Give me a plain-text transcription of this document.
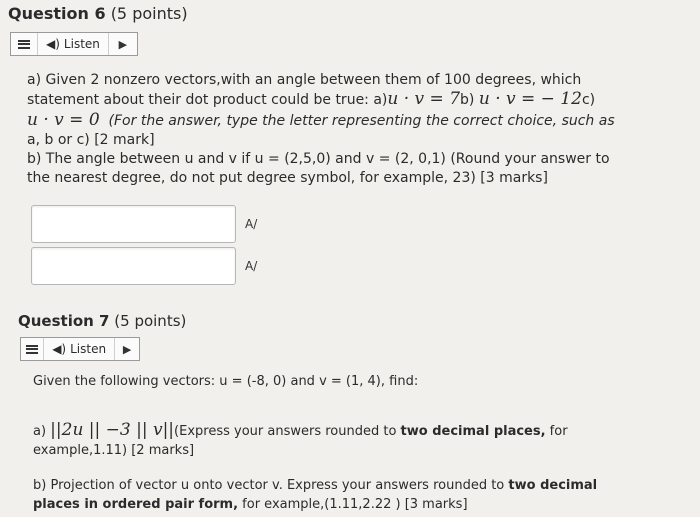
Question 6 (5 points)
◀) Listen	▶
a) Given 2 nonzero vectors,with an angle between them of 100 degrees, which
statement about their dot product could be true: a)u · v = 7b) u · v = − 12c)
u · v = 0 (For the answer, type the letter representing the correct choice, such as
a, b or c) [2 mark]
b) The angle between u and v if u = (2,5,0) and v = (2, 0,1) (Round your answer to
the nearest degree, do not put degree symbol, for example, 23) [3 marks]
A/
A/
Question 7 (5 points)
◀) Listen	▶
Given the following vectors: u = (-8, 0) and v = (1, 4), find:
a) ||2u || −3 || v||(Express your answers rounded to two decimal places, for
example,1.11) [2 marks]
b) Projection of vector u onto vector v. Express your answers rounded to two decimal
places in ordered pair form, for example,(1.11,2.22 ) [3 marks]
